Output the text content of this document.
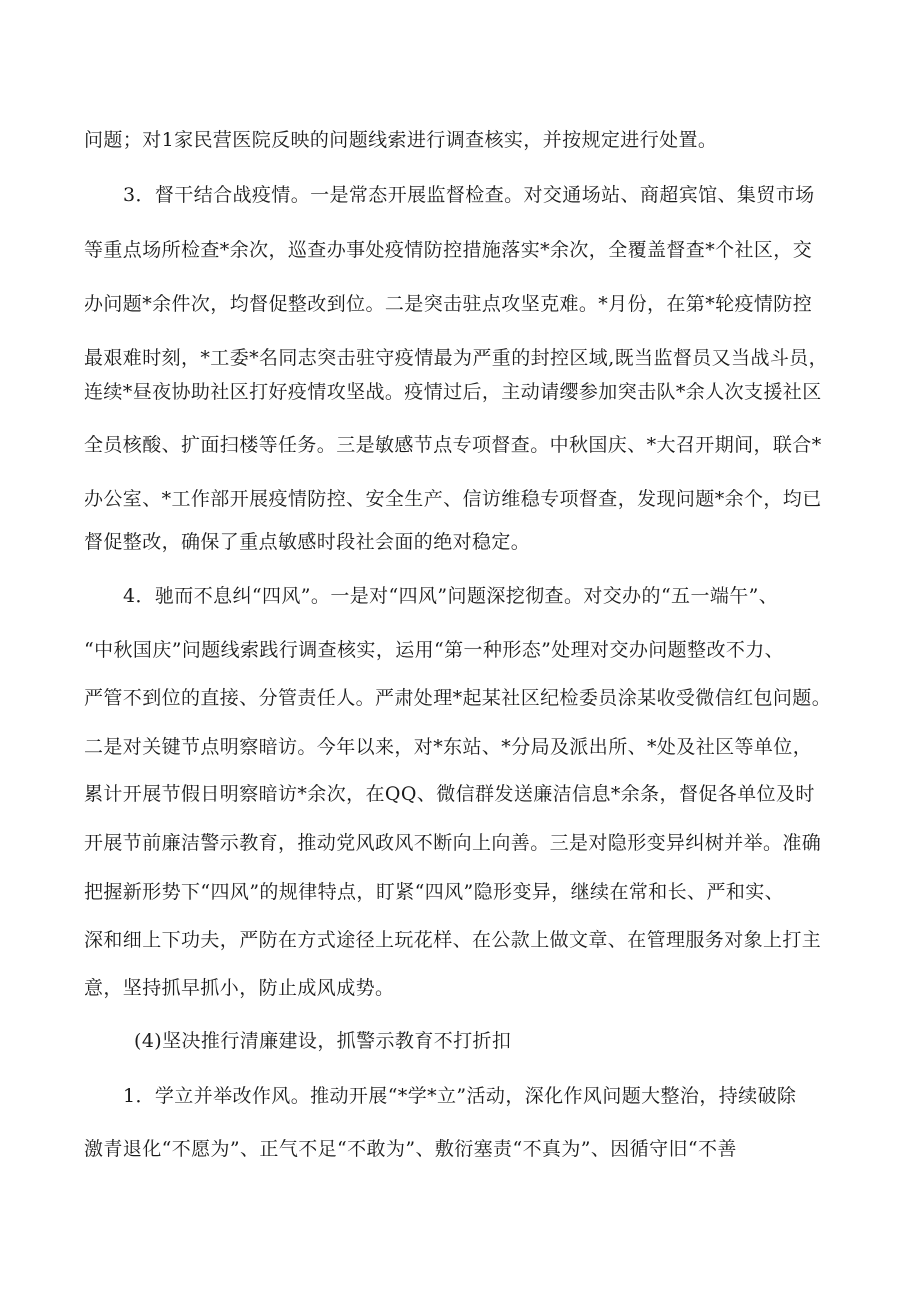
问题；对1家民营医院反映的问题线索进行调查核实，并按规定进行处置。
3．督干结合战疫情。一是常态开展监督检查。对交通场站、商超宾馆、集贸市场
等重点场所检查*余次，巡查办事处疫情防控措施落实*余次，全覆盖督查*个社区，交
办问题*余件次，均督促整改到位。二是突击驻点攻坚克难。*月份，在第*轮疫情防控
最艰难时刻，*工委*名同志突击驻守疫情最为严重的封控区域,既当监督员又当战斗员，
连续*昼夜协助社区打好疫情攻坚战。疫情过后，主动请缨参加突击队*余人次支援社区
全员核酸、扩面扫楼等任务。三是敏感节点专项督查。中秋国庆、*大召开期间，联合*
办公室、*工作部开展疫情防控、安全生产、信访维稳专项督查，发现问题*余个，均已
督促整改，确保了重点敏感时段社会面的绝对稳定。
4．驰而不息纠“四风”。一是对“四风”问题深挖彻查。对交办的“五一端午”、
“中秋国庆”问题线索践行调查核实，运用“第一种形态”处理对交办问题整改不力、
严管不到位的直接、分管责任人。严肃处理*起某社区纪检委员涂某收受微信红包问题。
二是对关键节点明察暗访。今年以来，对*东站、*分局及派出所、*处及社区等单位，
累计开展节假日明察暗访*余次，在QQ、微信群发送廉洁信息*余条，督促各单位及时
开展节前廉洁警示教育，推动党风政风不断向上向善。三是对隐形变异纠树并举。准确
把握新形势下“四风”的规律特点，盯紧“四风”隐形变异，继续在常和长、严和实、
深和细上下功夫，严防在方式途径上玩花样、在公款上做文章、在管理服务对象上打主
意，坚持抓早抓小，防止成风成势。
(4)坚决推行清廉建设，抓警示教育不打折扣
1．学立并举改作风。推动开展“*学*立”活动，深化作风问题大整治，持续破除
激青退化“不愿为”、正气不足“不敢为”、敷衍塞责“不真为”、因循守旧“不善
